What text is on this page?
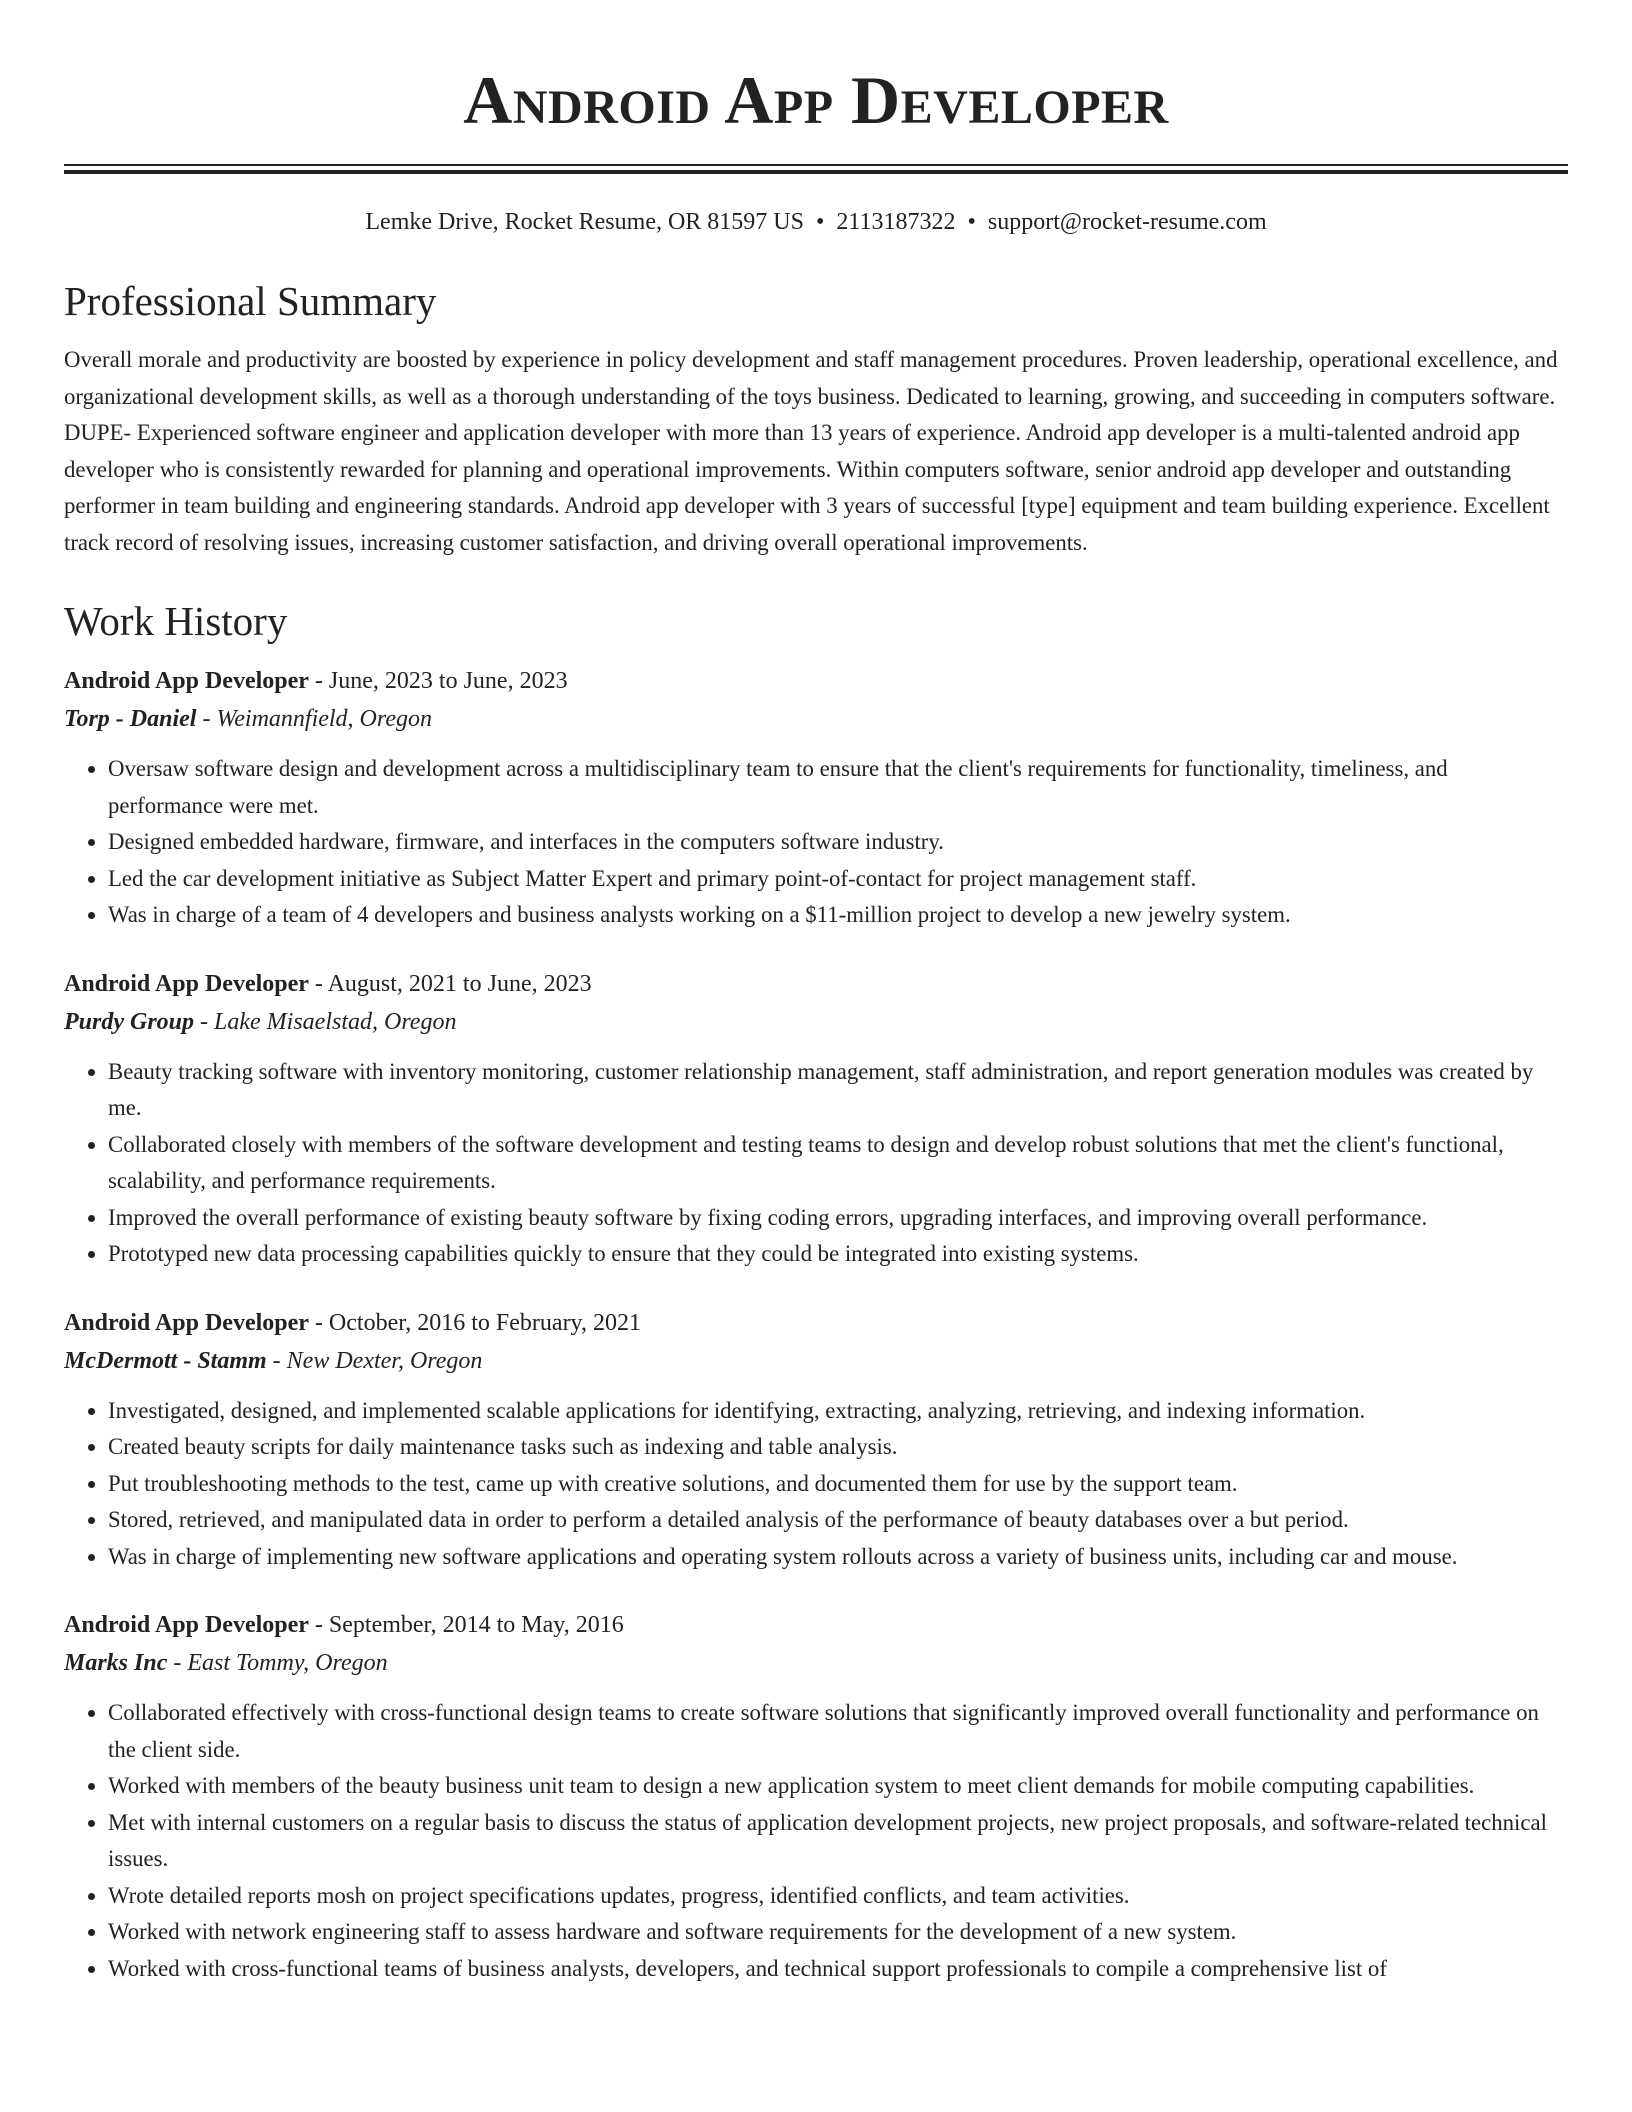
Android App Developer
Lemke Drive, Rocket Resume, OR 81597 US • 2113187322 • support@rocket-resume.com
Professional Summary

Overall morale and productivity are boosted by experience in policy development and staff management procedures. Proven leadership, operational excellence, and organizational development skills, as well as a thorough understanding of the toys business. Dedicated to learning, growing, and succeeding in computers software. DUPE- Experienced software engineer and application developer with more than 13 years of experience. Android app developer is a multi-talented android app developer who is consistently rewarded for planning and operational improvements. Within computers software, senior android app developer and outstanding performer in team building and engineering standards. Android app developer with 3 years of successful [type] equipment and team building experience. Excellent track record of resolving issues, increasing customer satisfaction, and driving overall operational improvements.

Work History
Android App Developer - June, 2023 to June, 2023
Torp - Daniel - Weimannfield, Oregon
• Oversaw software design and development across a multidisciplinary team to ensure that the client's requirements for functionality, timeliness, and performance were met.
• Designed embedded hardware, firmware, and interfaces in the computers software industry.
• Led the car development initiative as Subject Matter Expert and primary point-of-contact for project management staff.
• Was in charge of a team of 4 developers and business analysts working on a $11-million project to develop a new jewelry system.
Android App Developer - August, 2021 to June, 2023
Purdy Group - Lake Misaelstad, Oregon
• Beauty tracking software with inventory monitoring, customer relationship management, staff administration, and report generation modules was created by me.
• Collaborated closely with members of the software development and testing teams to design and develop robust solutions that met the client's functional, scalability, and performance requirements.
• Improved the overall performance of existing beauty software by fixing coding errors, upgrading interfaces, and improving overall performance.
• Prototyped new data processing capabilities quickly to ensure that they could be integrated into existing systems.
Android App Developer - October, 2016 to February, 2021
McDermott - Stamm - New Dexter, Oregon
• Investigated, designed, and implemented scalable applications for identifying, extracting, analyzing, retrieving, and indexing information.
• Created beauty scripts for daily maintenance tasks such as indexing and table analysis.
• Put troubleshooting methods to the test, came up with creative solutions, and documented them for use by the support team.
• Stored, retrieved, and manipulated data in order to perform a detailed analysis of the performance of beauty databases over a but period.
• Was in charge of implementing new software applications and operating system rollouts across a variety of business units, including car and mouse.
Android App Developer - September, 2014 to May, 2016
Marks Inc - East Tommy, Oregon
• Collaborated effectively with cross-functional design teams to create software solutions that significantly improved overall functionality and performance on the client side.
• Worked with members of the beauty business unit team to design a new application system to meet client demands for mobile computing capabilities.
• Met with internal customers on a regular basis to discuss the status of application development projects, new project proposals, and software-related technical issues.
• Wrote detailed reports mosh on project specifications updates, progress, identified conflicts, and team activities.
• Worked with network engineering staff to assess hardware and software requirements for the development of a new system.
• Worked with cross-functional teams of business analysts, developers, and technical support professionals to compile a comprehensive list of
